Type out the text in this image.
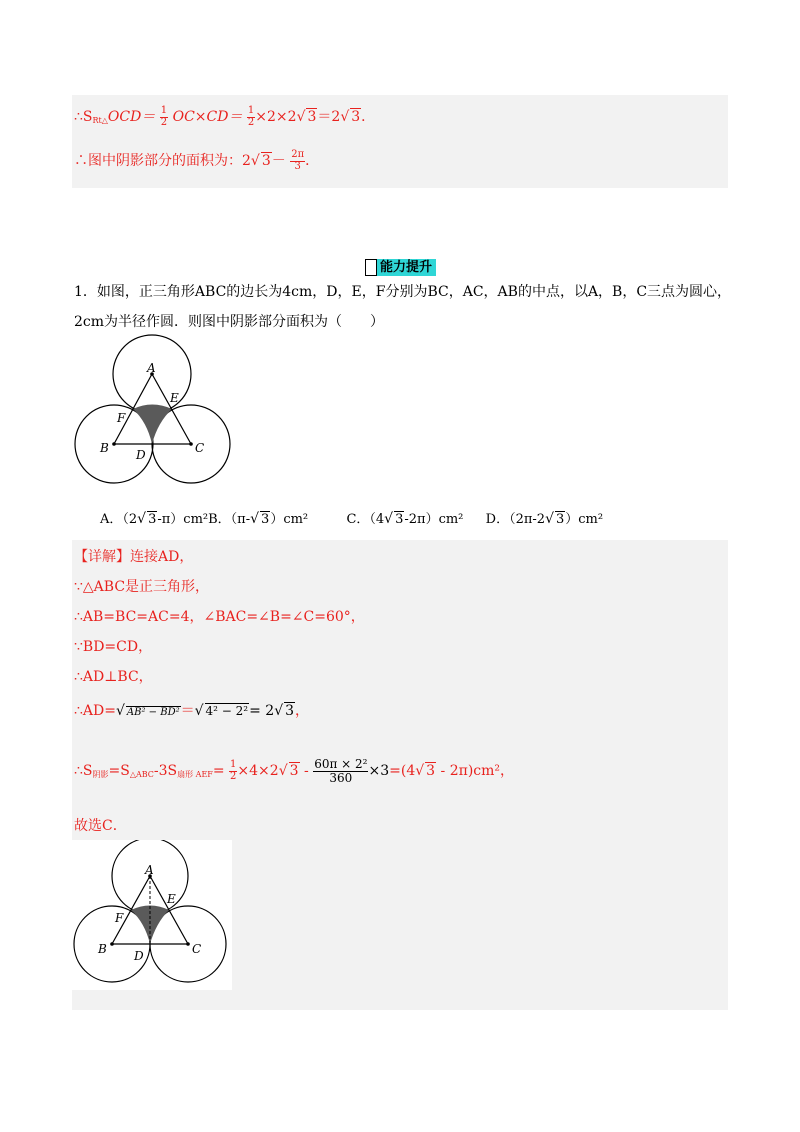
$\therefore S_{Rt\triangle}OCD= \frac{1}{2} OC\times CD= \frac{1}{2} \times 2\times 2√$ 3＝2√ 3．
∴图中阴影部分的面积为：2√ $3- \frac{2\pi}{3}$ ．
能力提升
1．如图，正三角形ABC的边长为4cm，D，E，F分别为BC，AC，AB的中点，以A，B，C三点为圆心，
2cm为半径作圆．则图中阴影部分面积为（　　）
A
B	C
D
E
F
A．（2√ 3-π）cm²B．（π-√ 3）cm²	C．（4√ 3-2π）cm² D．（2π-2√ 3）cm²
【详解】连接AD，
∵△ABC是正三角形，
∴AB=BC=AC=4，∠BAC=∠B=∠C=60°，
∵BD=CD，
∴AD⊥BC，
∴AD=√ AB² − BD²＝√ 4² − 2²= 2√ 3，
$\therefore S_{阴影}=S_{\triangle ABC}-3S_{扇形 AEF}= \frac{1}{2} \times 4\times 2√$ $3 - \frac{\text{60π × 2²}}{360} \times 3=(4√$ 3 - 2π)cm²，
故选C．
A
B	C
D
E
F
